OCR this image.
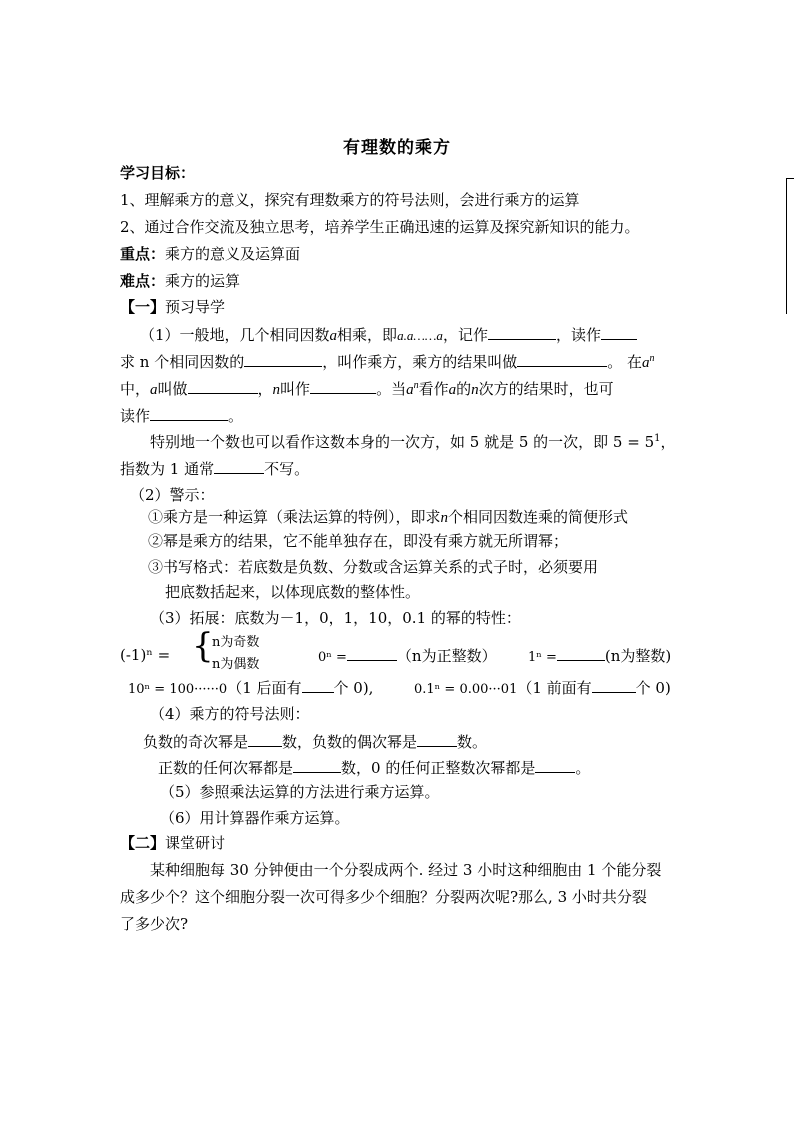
有理数的乘方
学习目标：
1、理解乘方的意义，探究有理数乘方的符号法则，会进行乘方的运算
2、通过合作交流及独立思考，培养学生正确迅速的运算及探究新知识的能力。
重点：乘方的意义及运算面
难点：乘方的运算
【一】预习导学
（1）一般地，几个相同因数a相乘，即a.a……a，记作	，读作
求 n 个相同因数的	，叫作乘方，乘方的结果叫做	。 在$a^n$
中，a叫做	，n叫作	。当$a^n$看作a的n次方的结果时，也可
读作	。
特别地一个数也可以看作这数本身的一次方，如 5 就是 5 的一次，即 $5 = 5^1$，
指数为 1 通常	不写。
（2）警示：
①乘方是一种运算（乘法运算的特例），即求n个相同因数连乘的简便形式
②幂是乘方的结果，它不能单独存在，即没有乘方就无所谓幂；
③书写格式：若底数是负数、分数或含运算关系的式子时，必须要用
把底数括起来，以体现底数的整体性。
（3）拓展：底数为－1，0，1，10，0.1 的幂的特性：
(-1)ⁿ = {
n为奇数
n为偶数	0ⁿ =	（n为正整数） 1ⁿ =	(n为整数)
10ⁿ = 100······0（1 后面有 个 0),	0.1ⁿ = 0.00···01（1 前面有	个 0)
（4）乘方的符号法则：
负数的奇次幂是 数，负数的偶次幂是	数。
正数的任何次幂都是	数，0 的任何正整数次幂都是	。
（5）参照乘法运算的方法进行乘方运算。
（6）用计算器作乘方运算。
【二】课堂研讨
某种细胞每 30 分钟便由一个分裂成两个. 经过 3 小时这种细胞由 1 个能分裂
成多少个？这个细胞分裂一次可得多少个细胞？分裂两次呢?那么, 3 小时共分裂
了多少次?
